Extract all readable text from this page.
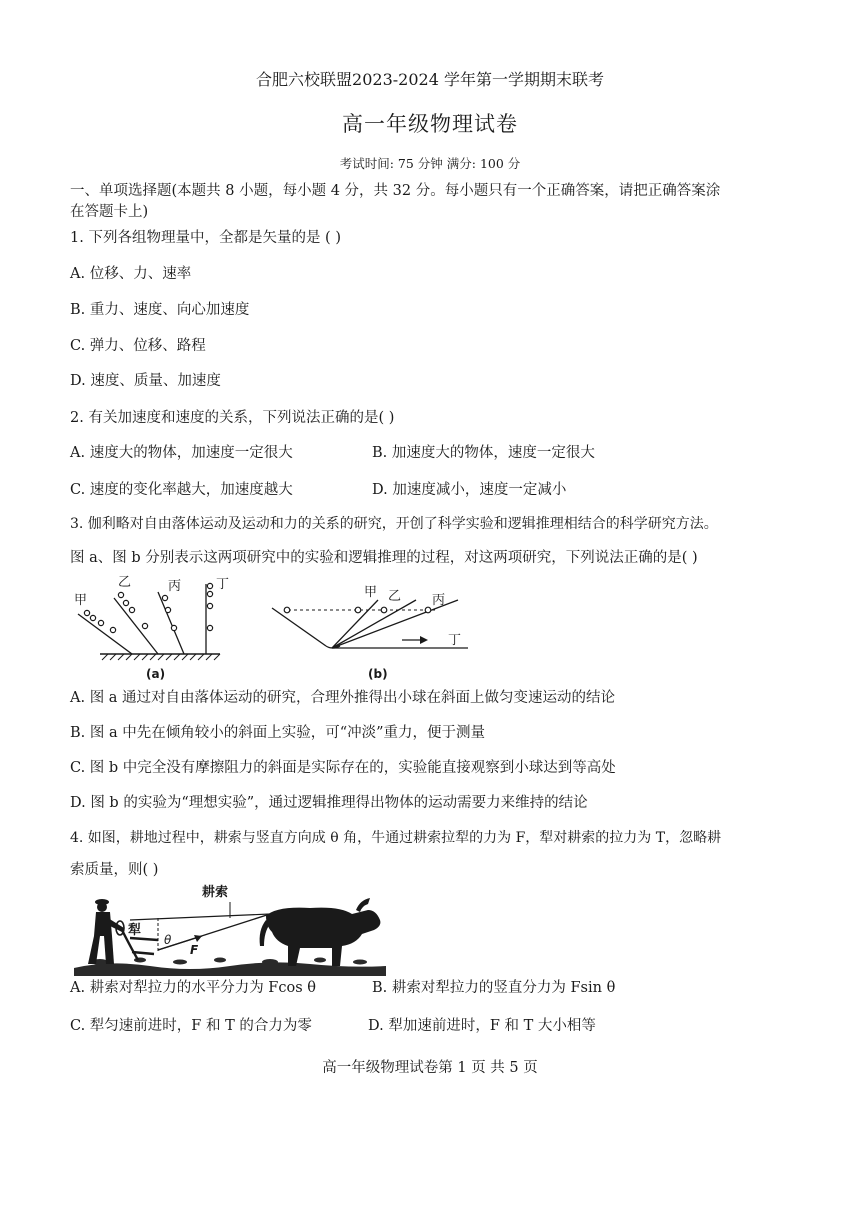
合肥六校联盟2023-2024 学年第一学期期末联考
高一年级物理试卷
考试时间: 75 分钟 满分: 100 分
一、单项选择题(本题共 8 小题，每小题 4 分，共 32 分。每小题只有一个正确答案，请把正确答案涂
在答题卡上)
1. 下列各组物理量中，全都是矢量的是 ( )
A. 位移、力、速率
B. 重力、速度、向心加速度
C. 弹力、位移、路程
D. 速度、质量、加速度
2. 有关加速度和速度的关系，下列说法正确的是( )
A. 速度大的物体，加速度一定很大	B. 加速度大的物体，速度一定很大
C. 速度的变化率越大，加速度越大	D. 加速度减小，速度一定减小
3. 伽利略对自由落体运动及运动和力的关系的研究，开创了科学实验和逻辑推理相结合的科学研究方法。
图 a、图 b 分别表示这两项研究中的实验和逻辑推理的过程，对这两项研究，下列说法正确的是( )
甲
乙	丙	丁
(a)
甲 乙 丙
丁
(b)
A. 图 a 通过对自由落体运动的研究，合理外推得出小球在斜面上做匀变速运动的结论
B. 图 a 中先在倾角较小的斜面上实验，可“冲淡”重力，便于测量
C. 图 b 中完全没有摩擦阻力的斜面是实际存在的，实验能直接观察到小球达到等高处
D. 图 b 的实验为“理想实验”，通过逻辑推理得出物体的运动需要力来维持的结论
4. 如图，耕地过程中，耕索与竖直方向成 θ 角，牛通过耕索拉犁的力为 F，犁对耕索的拉力为 T，忽略耕
索质量，则( )
耕索
犁
θ
F
A. 耕索对犁拉力的水平分力为 Fcos θ	B. 耕索对犁拉力的竖直分力为 Fsin θ
C. 犁匀速前进时，F 和 T 的合力为零	D. 犁加速前进时，F 和 T 大小相等
高一年级物理试卷第 1 页 共 5 页
